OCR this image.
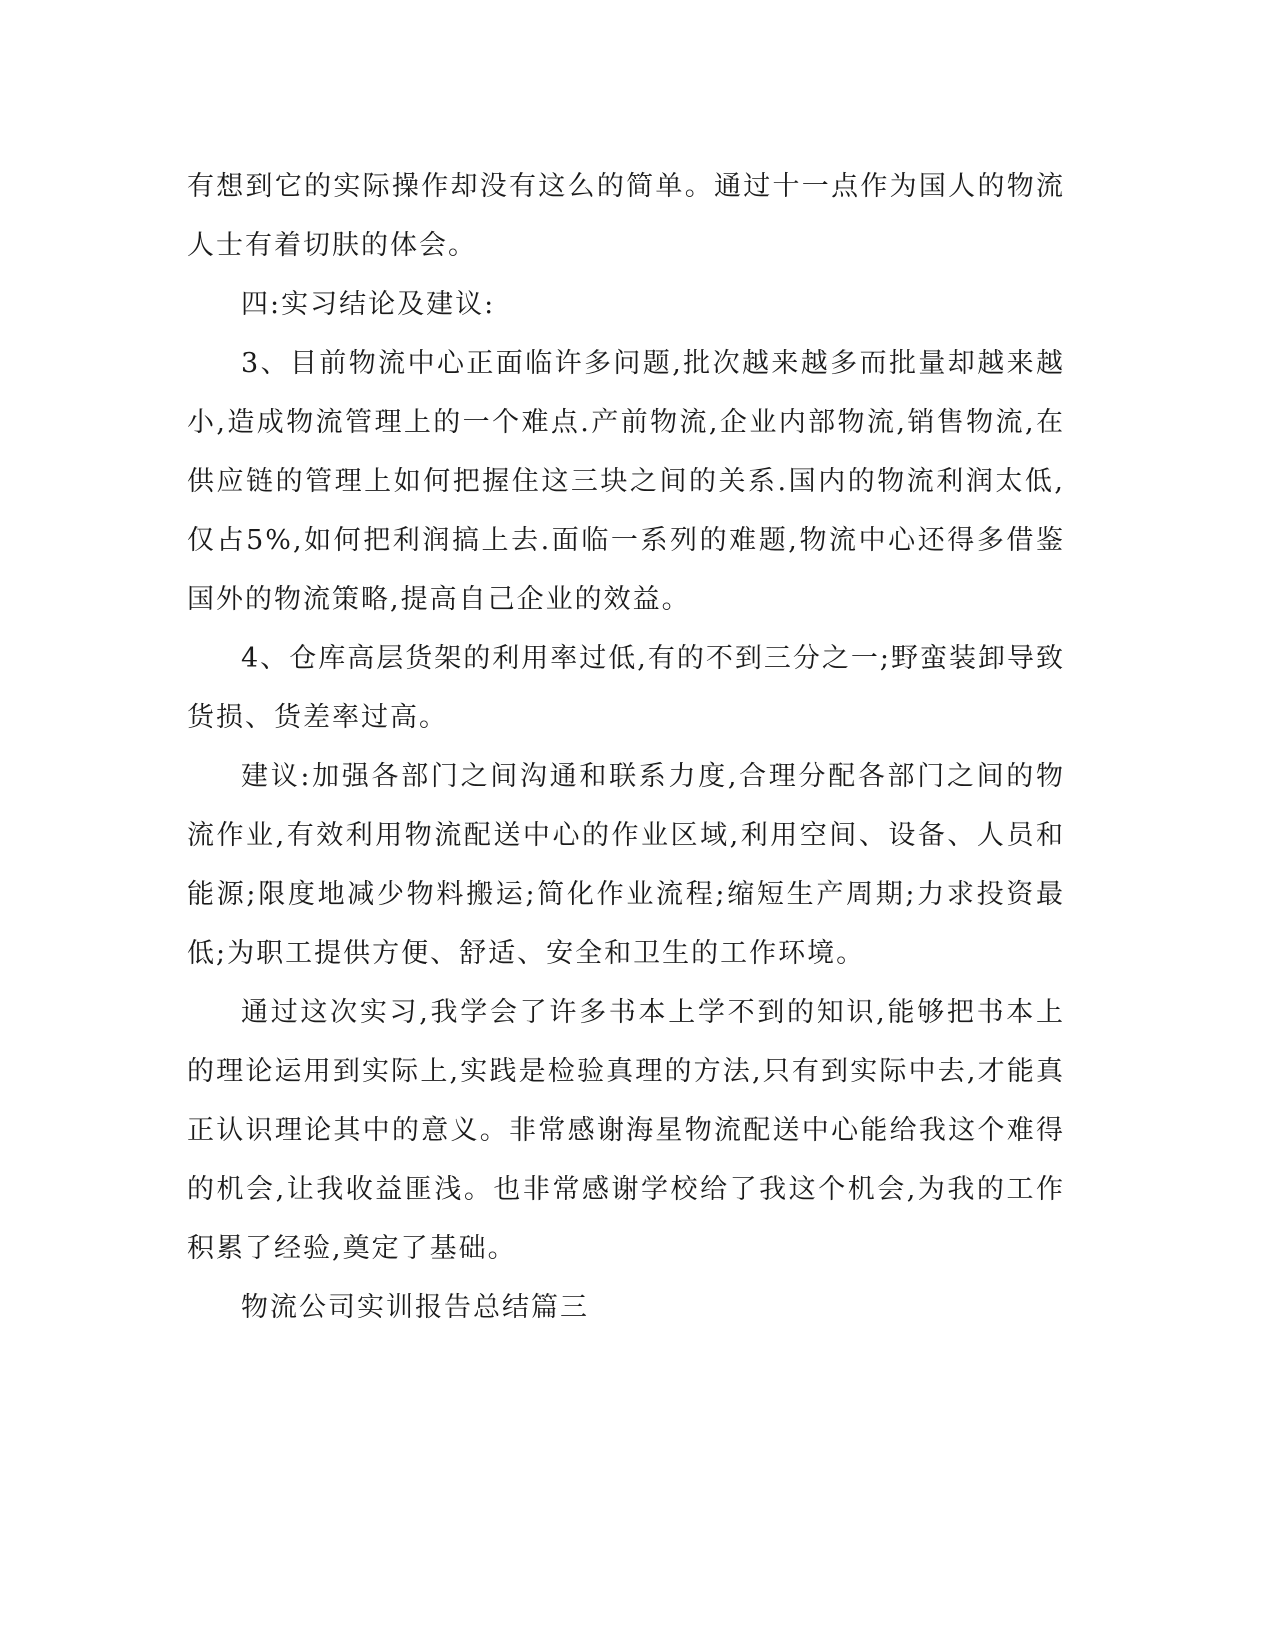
有想到它的实际操作却没有这么的简单。通过十一点作为国人的物流人士有着切肤的体会。

四:实习结论及建议:

3、目前物流中心正面临许多问题,批次越来越多而批量却越来越小,造成物流管理上的一个难点.产前物流,企业内部物流,销售物流,在供应链的管理上如何把握住这三块之间的关系.国内的物流利润太低,仅占5%,如何把利润搞上去.面临一系列的难题,物流中心还得多借鉴国外的物流策略,提高自己企业的效益。

4、仓库高层货架的利用率过低,有的不到三分之一;野蛮装卸导致货损、货差率过高。

建议:加强各部门之间沟通和联系力度,合理分配各部门之间的物流作业,有效利用物流配送中心的作业区域,利用空间、设备、人员和能源;限度地减少物料搬运;简化作业流程;缩短生产周期;力求投资最低;为职工提供方便、舒适、安全和卫生的工作环境。

通过这次实习,我学会了许多书本上学不到的知识,能够把书本上的理论运用到实际上,实践是检验真理的方法,只有到实际中去,才能真正认识理论其中的意义。非常感谢海星物流配送中心能给我这个难得的机会,让我收益匪浅。也非常感谢学校给了我这个机会,为我的工作积累了经验,奠定了基础。

物流公司实训报告总结篇三
